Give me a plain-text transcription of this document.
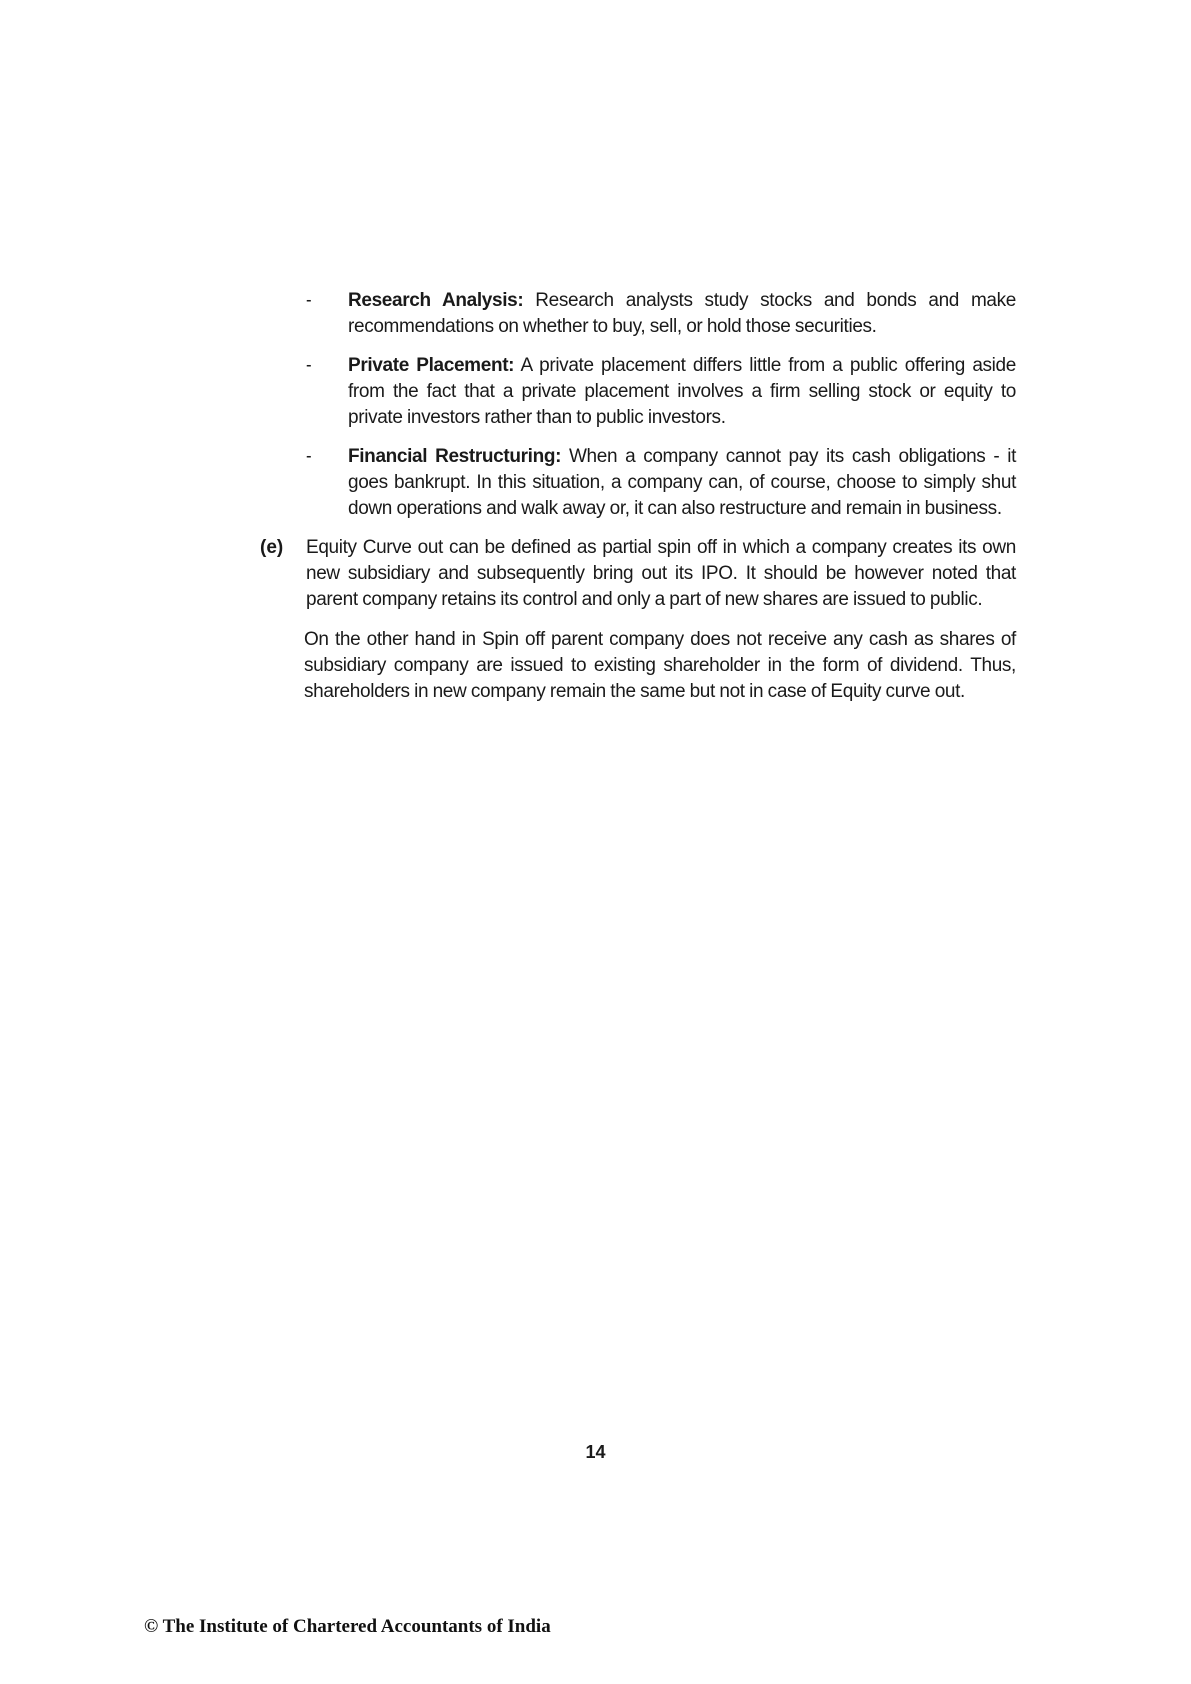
-	Research Analysis: Research analysts study stocks and bonds and make recommendations on whether to buy, sell, or hold those securities.
-	Private Placement: A private placement differs little from a public offering aside from the fact that a private placement involves a firm selling stock or equity to private investors rather than to public investors.
-	Financial Restructuring: When a company cannot pay its cash obligations - it goes bankrupt. In this situation, a company can, of course, choose to simply shut down operations and walk away or, it can also restructure and remain in business.
(e)	Equity Curve out can be defined as partial spin off in which a company creates its own new subsidiary and subsequently bring out its IPO. It should be however noted that parent company retains its control and only a part of new shares are issued to public.
On the other hand in Spin off parent company does not receive any cash as shares of subsidiary company are issued to existing shareholder in the form of dividend. Thus, shareholders in new company remain the same but not in case of Equity curve out.
14
© The Institute of Chartered Accountants of India
